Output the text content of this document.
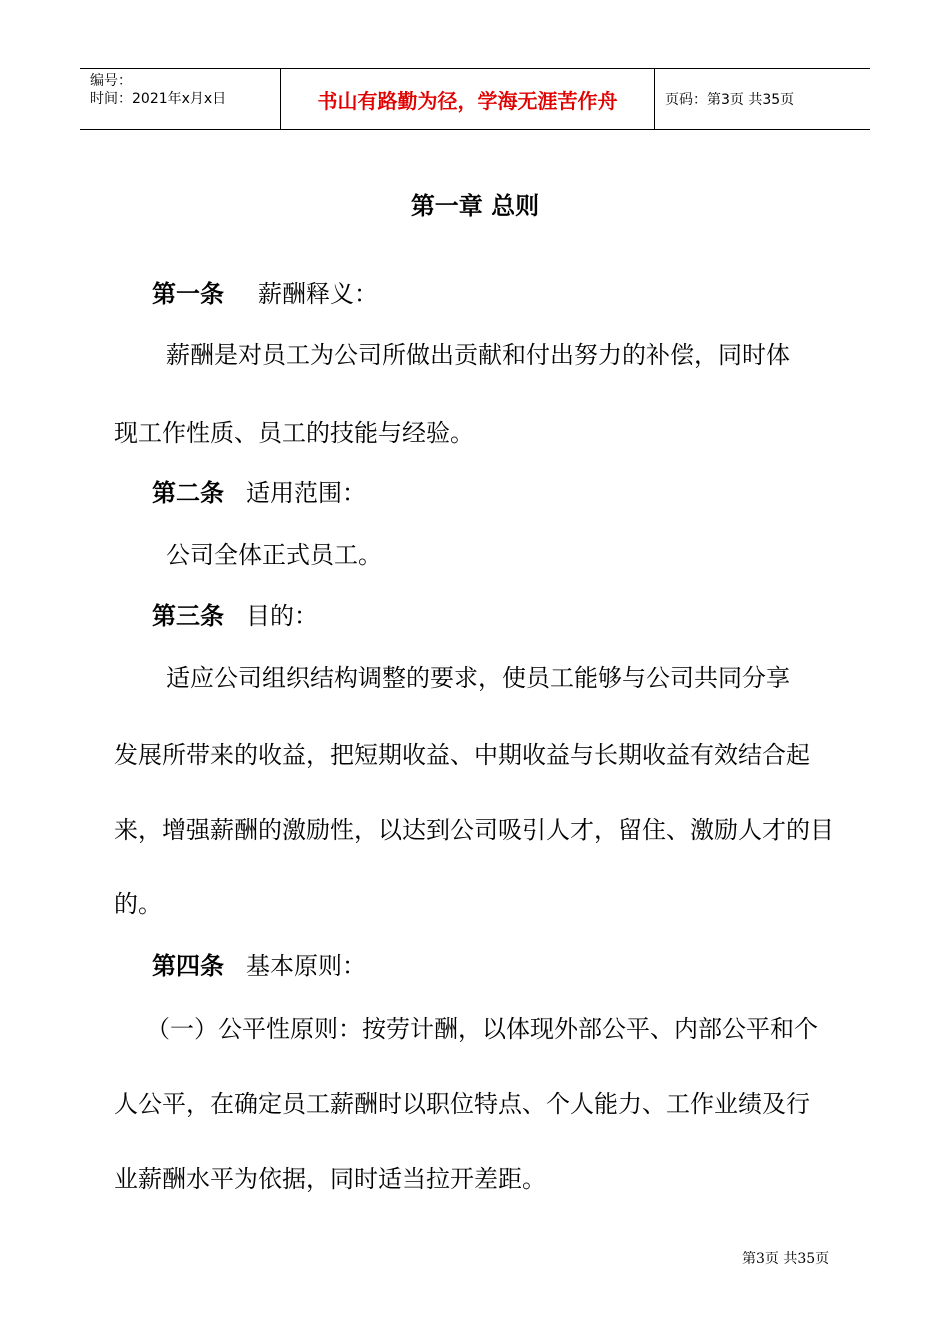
编号：
时间：2021年x月x日	书山有路勤为径，学海无涯苦作舟	页码：第3页 共35页
第一章 总则
第一条 薪酬释义：
薪酬是对员工为公司所做出贡献和付出努力的补偿，同时体
现工作性质、员工的技能与经验。
第二条 适用范围：
公司全体正式员工。
第三条 目的：
适应公司组织结构调整的要求，使员工能够与公司共同分享
发展所带来的收益，把短期收益、中期收益与长期收益有效结合起
来，增强薪酬的激励性，以达到公司吸引人才，留住、激励人才的目
的。
第四条 基本原则：
（一）公平性原则：按劳计酬，以体现外部公平、内部公平和个
人公平，在确定员工薪酬时以职位特点、个人能力、工作业绩及行
业薪酬水平为依据，同时适当拉开差距。
第3页 共35页
